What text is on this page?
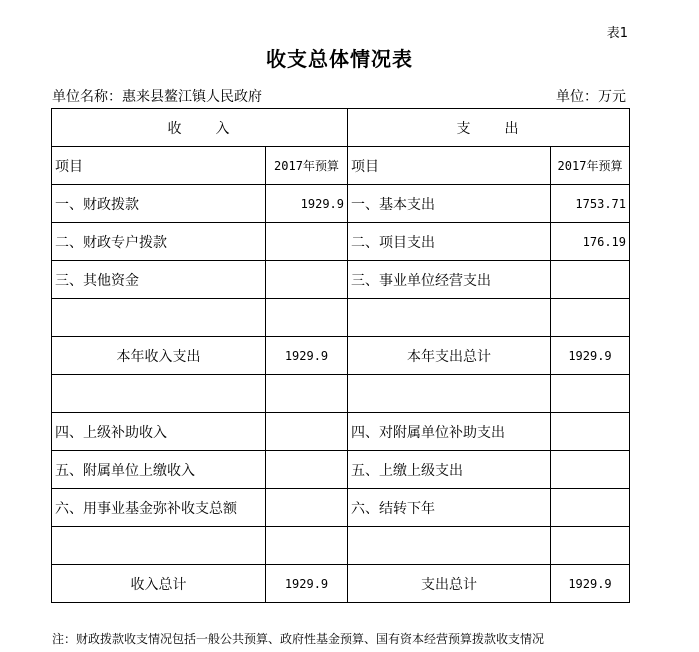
表1
收支总体情况表
单位名称：惠来县鳌江镇人民政府	单位：万元
收　　入		支　　出	
项目	2017年预算	项目	2017年预算
一、财政拨款	1929.9	一、基本支出	1753.71
二、财政专户拨款		二、项目支出	176.19
三、其他资金		三、事业单位经营支出	

本年收入支出	1929.9	本年支出总计	1929.9

四、上级补助收入		四、对附属单位补助支出	
五、附属单位上缴收入		五、上缴上级支出	
六、用事业基金弥补收支总额		六、结转下年	

收入总计	1929.9	支出总计	1929.9
注：财政拨款收支情况包括一般公共预算、政府性基金预算、国有资本经营预算拨款收支情况
